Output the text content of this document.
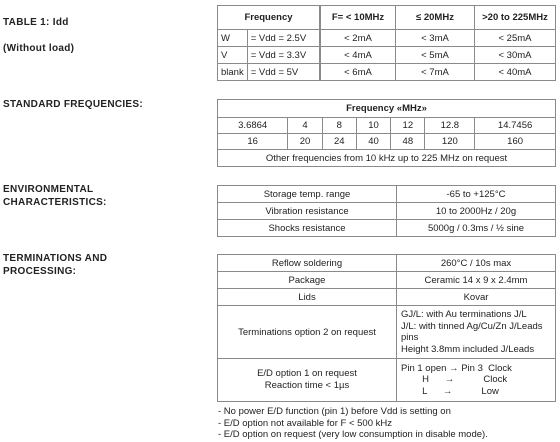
TABLE 1: Idd

(Without load)

Frequency		F= < 10MHz	≤ 20MHz	>20 to 225MHz
W	= Vdd = 2.5V	< 2mA	< 3mA	< 25mA
V	= Vdd = 3.3V	< 4mA	< 5mA	< 30mA
blank	= Vdd = 5V	< 6mA	< 7mA	< 40mA
STANDARD FREQUENCIES:	Frequency «MHz»						
3.6864	4	8	10	12	12.8	14.7456
16	20	24	40	48	120	160
Other frequencies from 10 kHz up to 225 MHz on request						
ENVIRONMENTAL
CHARACTERISTICS:
Storage temp. range	-65 to +125°C
Vibration resistance	10 to 2000Hz / 20g
Shocks resistance	5000g / 0.3ms / ½ sine
TERMINATIONS AND
PROCESSING:
Reflow soldering	260°C / 10s max
Package	Ceramic 14 x 9 x 2.4mm
Lids	Kovar
Terminations option 2 on request	GJ/L: with Au terminations J/L
J/L: with tinned Ag/Cu/Zn J/Leads pins
Height 3.8mm included J/Leads
E/D option 1 on request
Reaction time < 1µs	Pin 1 open → Pin 3  Clock
H      →           Clock
L      →           Low
- No power E/D function (pin 1) before Vdd is setting on
- E/D option not available for F < 500 kHz
- E/D option on request (very low consumption in disable mode).
